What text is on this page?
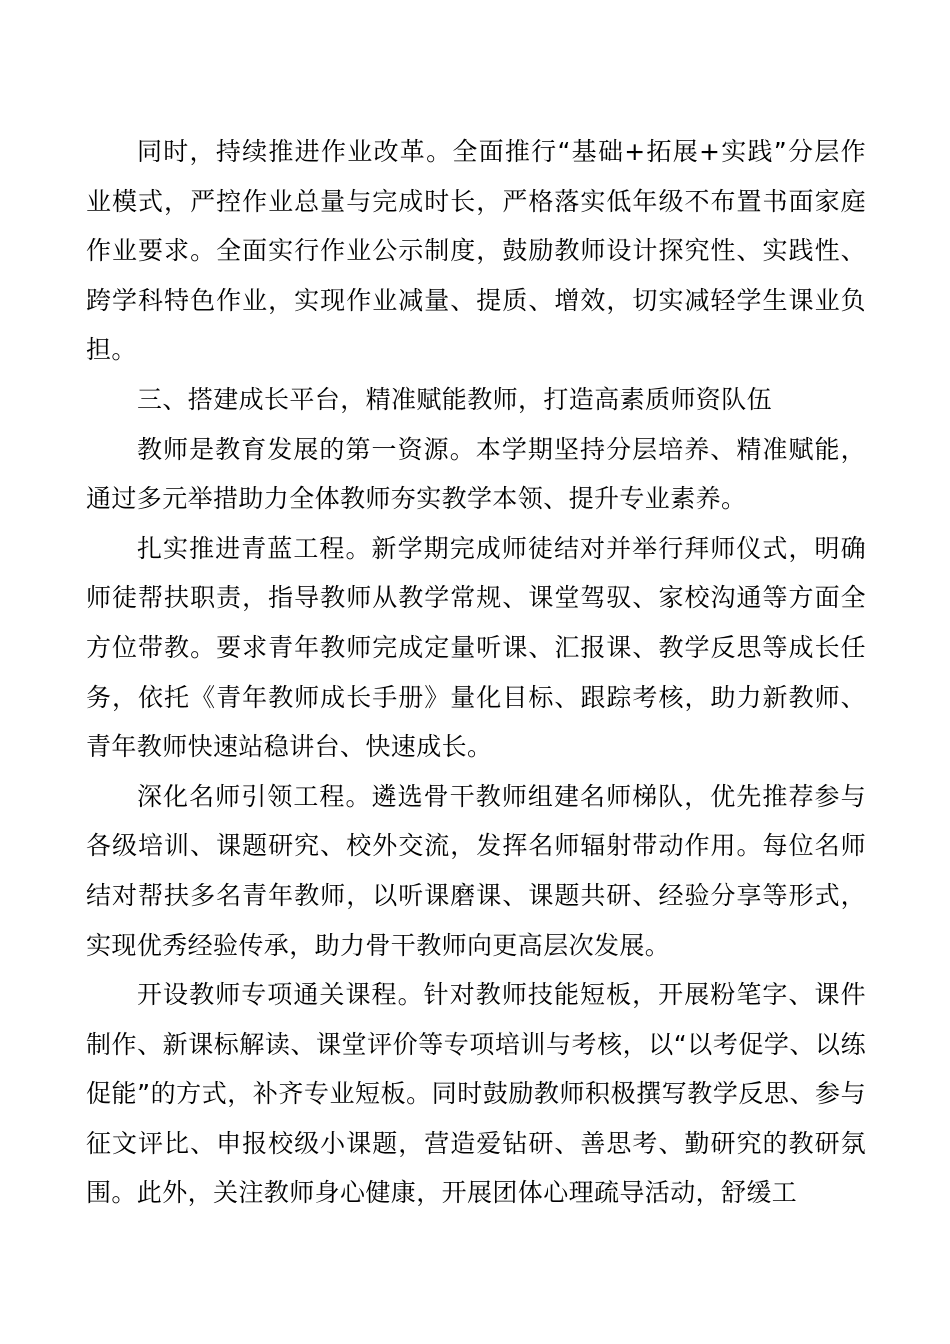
同时，持续推进作业改革。全面推行“基础+拓展+实践”分层作业模式，严控作业总量与完成时长，严格落实低年级不布置书面家庭作业要求。全面实行作业公示制度，鼓励教师设计探究性、实践性、跨学科特色作业，实现作业减量、提质、增效，切实减轻学生课业负担。

三、搭建成长平台，精准赋能教师，打造高素质师资队伍

教师是教育发展的第一资源。本学期坚持分层培养、精准赋能，通过多元举措助力全体教师夯实教学本领、提升专业素养。

扎实推进青蓝工程。新学期完成师徒结对并举行拜师仪式，明确师徒帮扶职责，指导教师从教学常规、课堂驾驭、家校沟通等方面全方位带教。要求青年教师完成定量听课、汇报课、教学反思等成长任务，依托《青年教师成长手册》量化目标、跟踪考核，助力新教师、青年教师快速站稳讲台、快速成长。

深化名师引领工程。遴选骨干教师组建名师梯队，优先推荐参与各级培训、课题研究、校外交流，发挥名师辐射带动作用。每位名师结对帮扶多名青年教师，以听课磨课、课题共研、经验分享等形式，实现优秀经验传承，助力骨干教师向更高层次发展。

开设教师专项通关课程。针对教师技能短板，开展粉笔字、课件制作、新课标解读、课堂评价等专项培训与考核，以“以考促学、以练促能”的方式，补齐专业短板。同时鼓励教师积极撰写教学反思、参与征文评比、申报校级小课题，营造爱钻研、善思考、勤研究的教研氛围。此外，关注教师身心健康，开展团体心理疏导活动，舒缓工
